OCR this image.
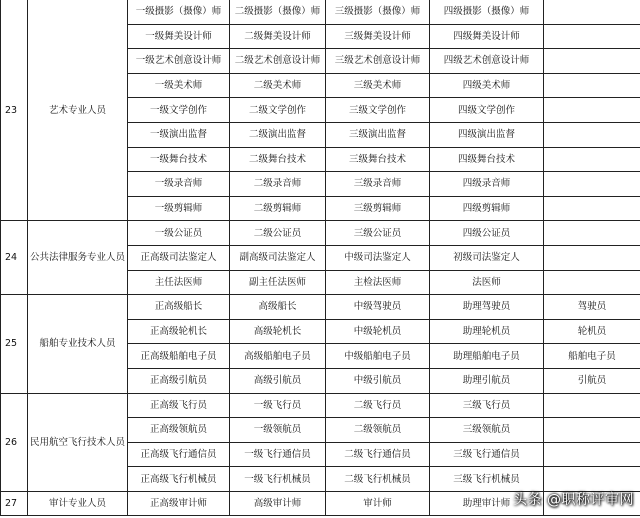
23	艺术专业人员	一级摄影（摄像）师	二级摄影（摄像）师	三级摄影（摄像）师	四级摄影（摄像）师	
		一级舞美设计师	二级舞美设计师	三级舞美设计师	四级舞美设计师	
		一级艺术创意设计师	二级艺术创意设计师	三级艺术创意设计师	四级艺术创意设计师	
		一级美术师	二级美术师	三级美术师	四级美术师	
		一级文学创作	二级文学创作	三级文学创作	四级文学创作	
		一级演出监督	二级演出监督	三级演出监督	四级演出监督	
		一级舞台技术	二级舞台技术	三级舞台技术	四级舞台技术	
		一级录音师	二级录音师	三级录音师	四级录音师	
		一级剪辑师	二级剪辑师	三级剪辑师	四级剪辑师	
24	公共法律服务专业人员	一级公证员	二级公证员	三级公证员	四级公证员	
		正高级司法鉴定人	副高级司法鉴定人	中级司法鉴定人	初级司法鉴定人	
		主任法医师	副主任法医师	主检法医师	法医师	
25	船舶专业技术人员	正高级船长	高级船长	中级驾驶员	助理驾驶员	驾驶员
		正高级轮机长	高级轮机长	中级轮机员	助理轮机员	轮机员
		正高级船舶电子员	高级船舶电子员	中级船舶电子员	助理船舶电子员	船舶电子员
		正高级引航员	高级引航员	中级引航员	助理引航员	引航员
26	民用航空飞行技术人员	正高级飞行员	一级飞行员	二级飞行员	三级飞行员	
		正高级领航员	一级领航员	二级领航员	三级领航员	
		正高级飞行通信员	一级飞行通信员	二级飞行通信员	三级飞行通信员	
		正高级飞行机械员	一级飞行机械员	二级飞行机械员	三级飞行机械员	
27	审计专业人员	正高级审计师	高级审计师	审计师	助理审计师	头条 @职称评审网
